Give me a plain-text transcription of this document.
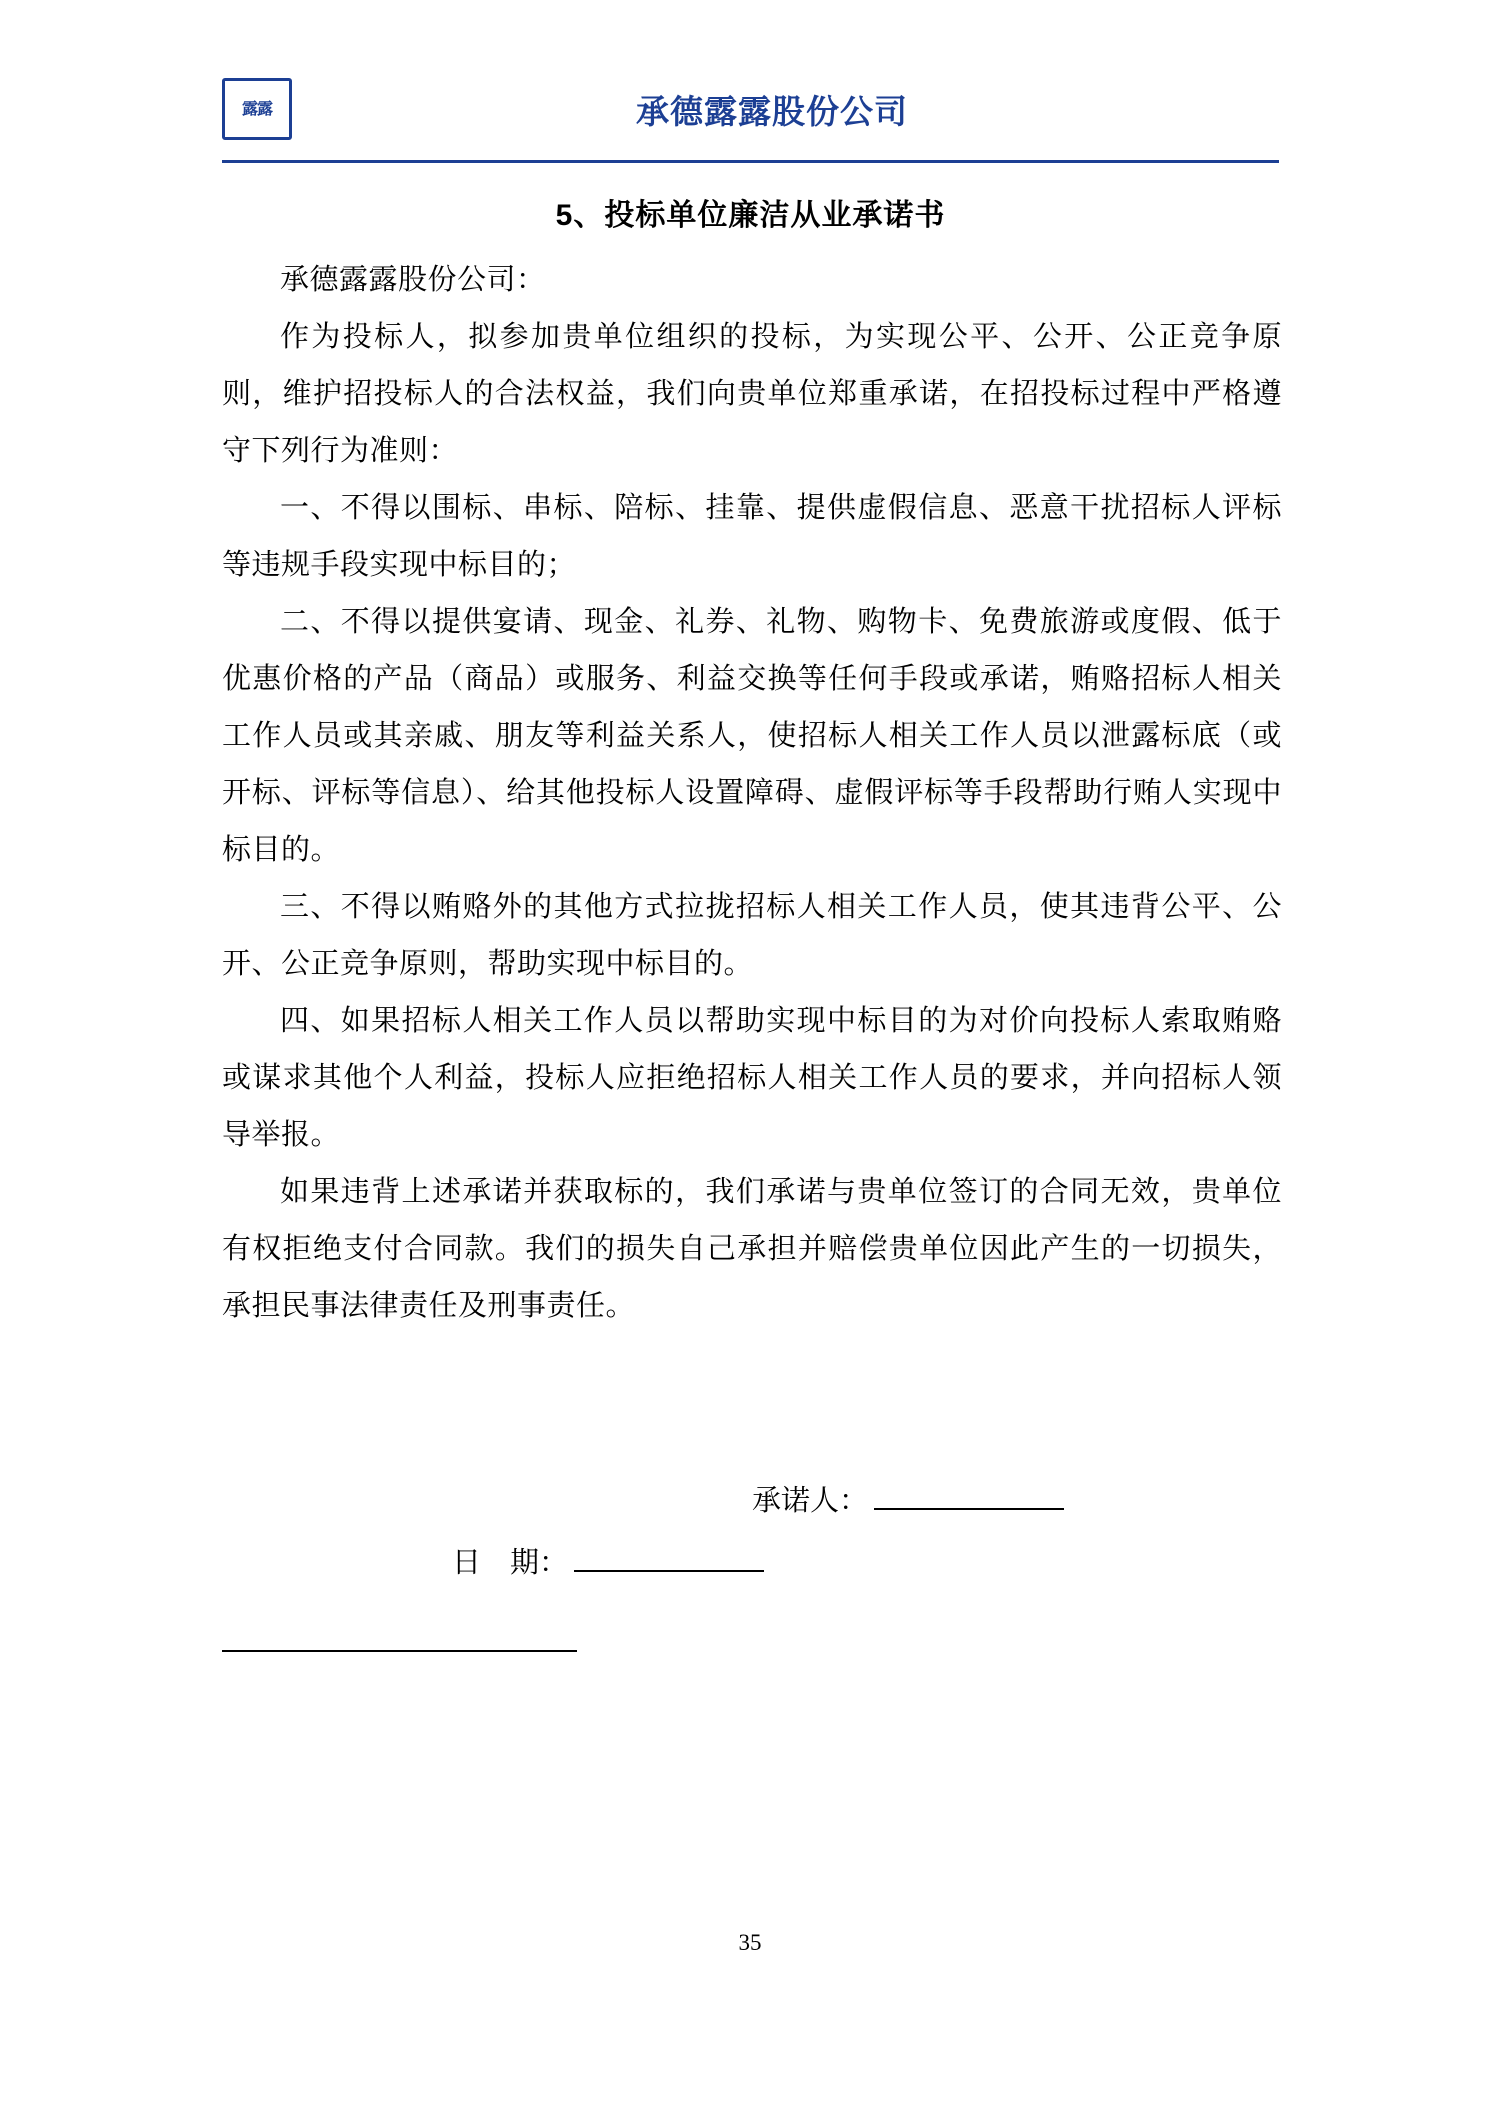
露露	承德露露股份公司
5、投标单位廉洁从业承诺书

承德露露股份公司：

作为投标人，拟参加贵单位组织的投标，为实现公平、公开、公正竞争原则，维护招投标人的合法权益，我们向贵单位郑重承诺，在招投标过程中严格遵守下列行为准则：

一、不得以围标、串标、陪标、挂靠、提供虚假信息、恶意干扰招标人评标等违规手段实现中标目的；

二、不得以提供宴请、现金、礼券、礼物、购物卡、免费旅游或度假、低于优惠价格的产品（商品）或服务、利益交换等任何手段或承诺，贿赂招标人相关工作人员或其亲戚、朋友等利益关系人，使招标人相关工作人员以泄露标底（或开标、评标等信息）、给其他投标人设置障碍、虚假评标等手段帮助行贿人实现中标目的。

三、不得以贿赂外的其他方式拉拢招标人相关工作人员，使其违背公平、公开、公正竞争原则，帮助实现中标目的。

四、如果招标人相关工作人员以帮助实现中标目的为对价向投标人索取贿赂或谋求其他个人利益，投标人应拒绝招标人相关工作人员的要求，并向招标人领导举报。

如果违背上述承诺并获取标的，我们承诺与贵单位签订的合同无效，贵单位有权拒绝支付合同款。我们的损失自己承担并赔偿贵单位因此产生的一切损失，承担民事法律责任及刑事责任。

承诺人：
日　期：
35
